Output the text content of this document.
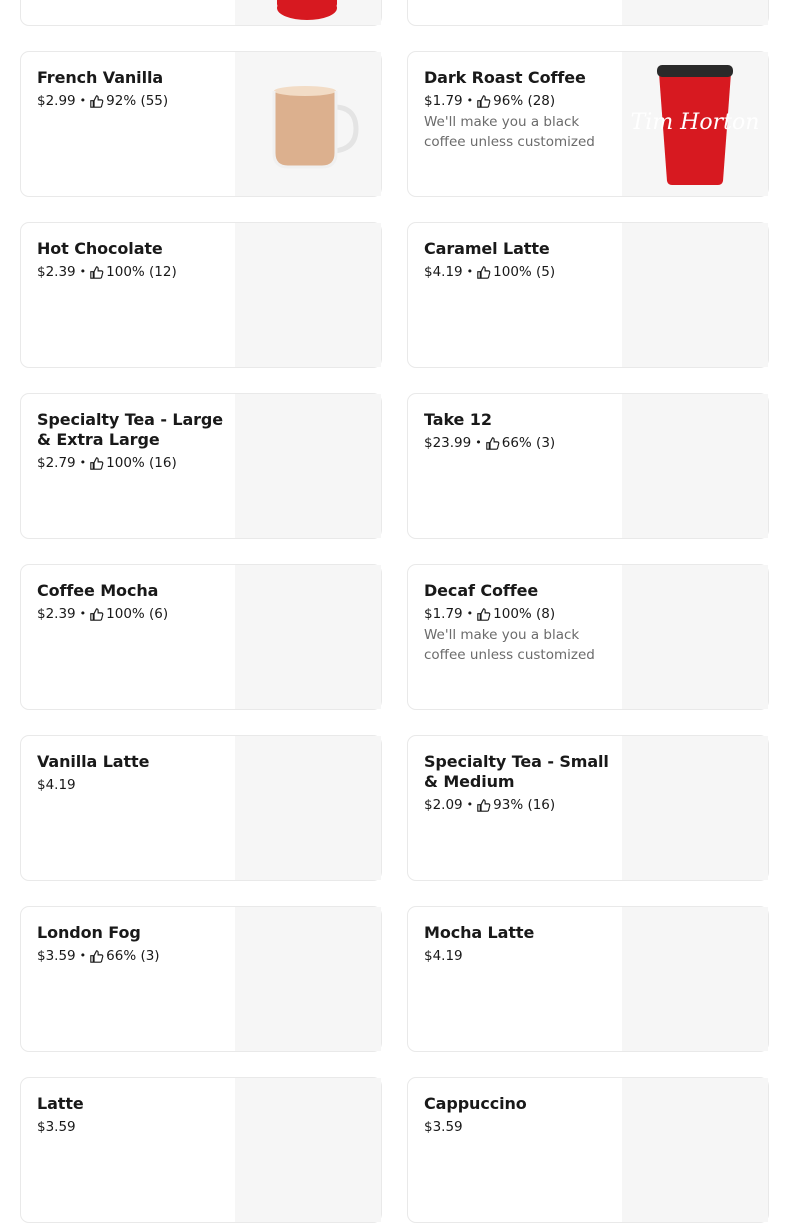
French Vanilla
$2.99 • 92% (55)
Dark Roast Coffee
$1.79 • 96% (28)
We'll make you a black coffee unless customized
Tim Horton
Hot Chocolate
$2.39 • 100% (12)
Caramel Latte
$4.19 • 100% (5)
Specialty Tea - Large & Extra Large
$2.79 • 100% (16)
Take 12
$23.99 • 66% (3)
Coffee Mocha
$2.39 • 100% (6)
Decaf Coffee
$1.79 • 100% (8)
We'll make you a black coffee unless customized
Vanilla Latte
$4.19
Specialty Tea - Small & Medium
$2.09 • 93% (16)
London Fog
$3.59 • 66% (3)
Mocha Latte
$4.19
Latte
$3.59
Cappuccino
$3.59
